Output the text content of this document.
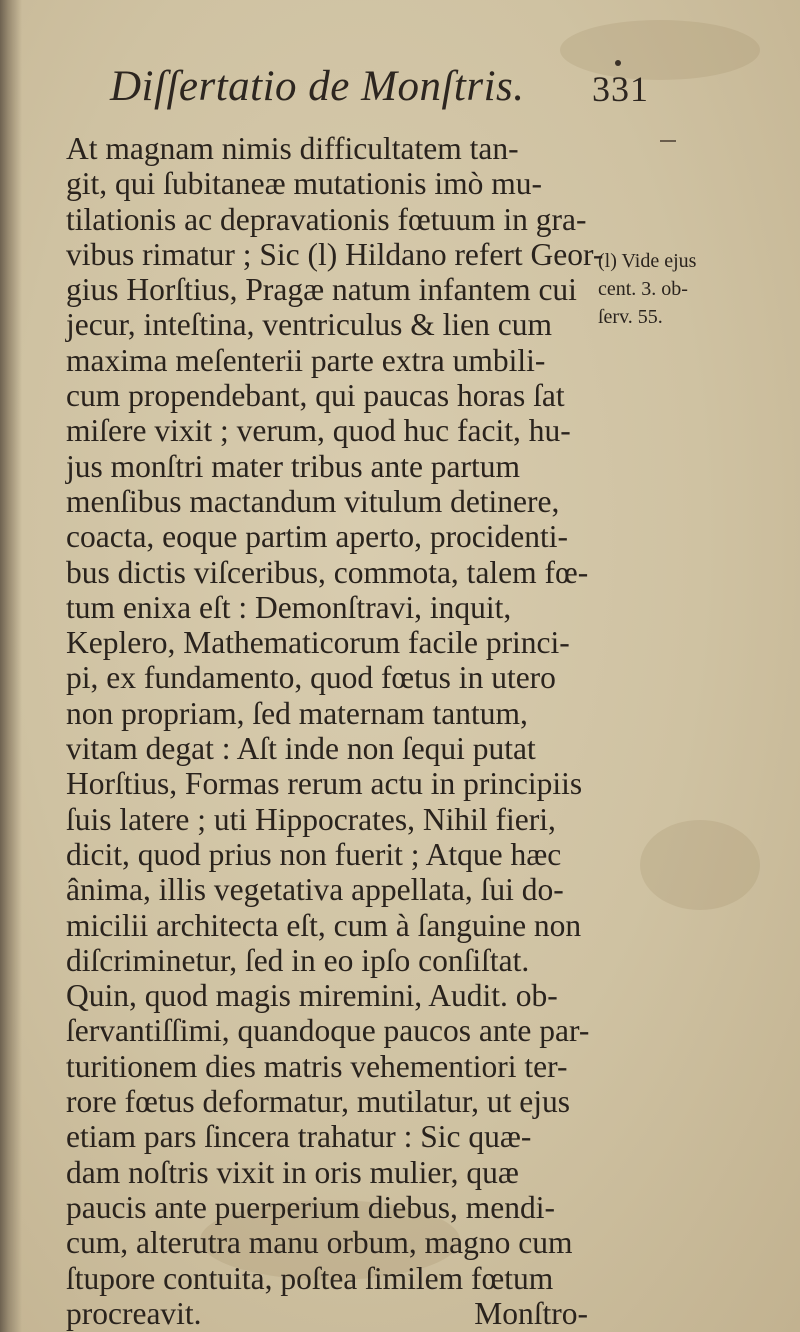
Diſſertatio de Monſtris. 331
At magnam nimis difficultatem tan-
git, qui ſubitaneæ mutationis imò mu-
tilationis ac depravationis fœtuum in gra-
vibus rimatur ; Sic (l) Hildano refert Geor-
gius Horſtius, Pragæ natum infantem cui
jecur, inteſtina, ventriculus & lien cum
maxima meſenterii parte extra umbili-
cum propendebant, qui paucas horas ſat
miſere vixit ; verum, quod huc facit, hu-
jus monſtri mater tribus ante partum
menſibus mactandum vitulum detinere,
coacta, eoque partim aperto, procidenti-
bus dictis viſceribus, commota, talem fœ-
tum enixa eſt : Demonſtravi, inquit,
Keplero, Mathematicorum facile princi-
pi, ex fundamento, quod fœtus in utero
non propriam, ſed maternam tantum,
vitam degat : Aſt inde non ſequi putat
Horſtius, Formas rerum actu in principiis
ſuis latere ; uti Hippocrates, Nihil fieri,
dicit, quod prius non fuerit ; Atque hæc
ânima, illis vegetativa appellata, ſui do-
micilii architecta eſt, cum à ſanguine non
diſcriminetur, ſed in eo ipſo conſiſtat.
Quin, quod magis miremini, Audit. ob-
ſervantiſſimi, quandoque paucos ante par-
turitionem dies matris vehementiori ter-
rore fœtus deformatur, mutilatur, ut ejus
etiam pars ſincera trahatur : Sic quæ-
dam noſtris vixit in oris mulier, quæ
paucis ante puerperium diebus, mendi-
cum, alterutra manu orbum, magno cum
ſtupore contuita, poſtea ſimilem fœtum
procreavit.	Monſtro-
(l) Vide ejus
cent. 3. ob-
ſerv. 55.
